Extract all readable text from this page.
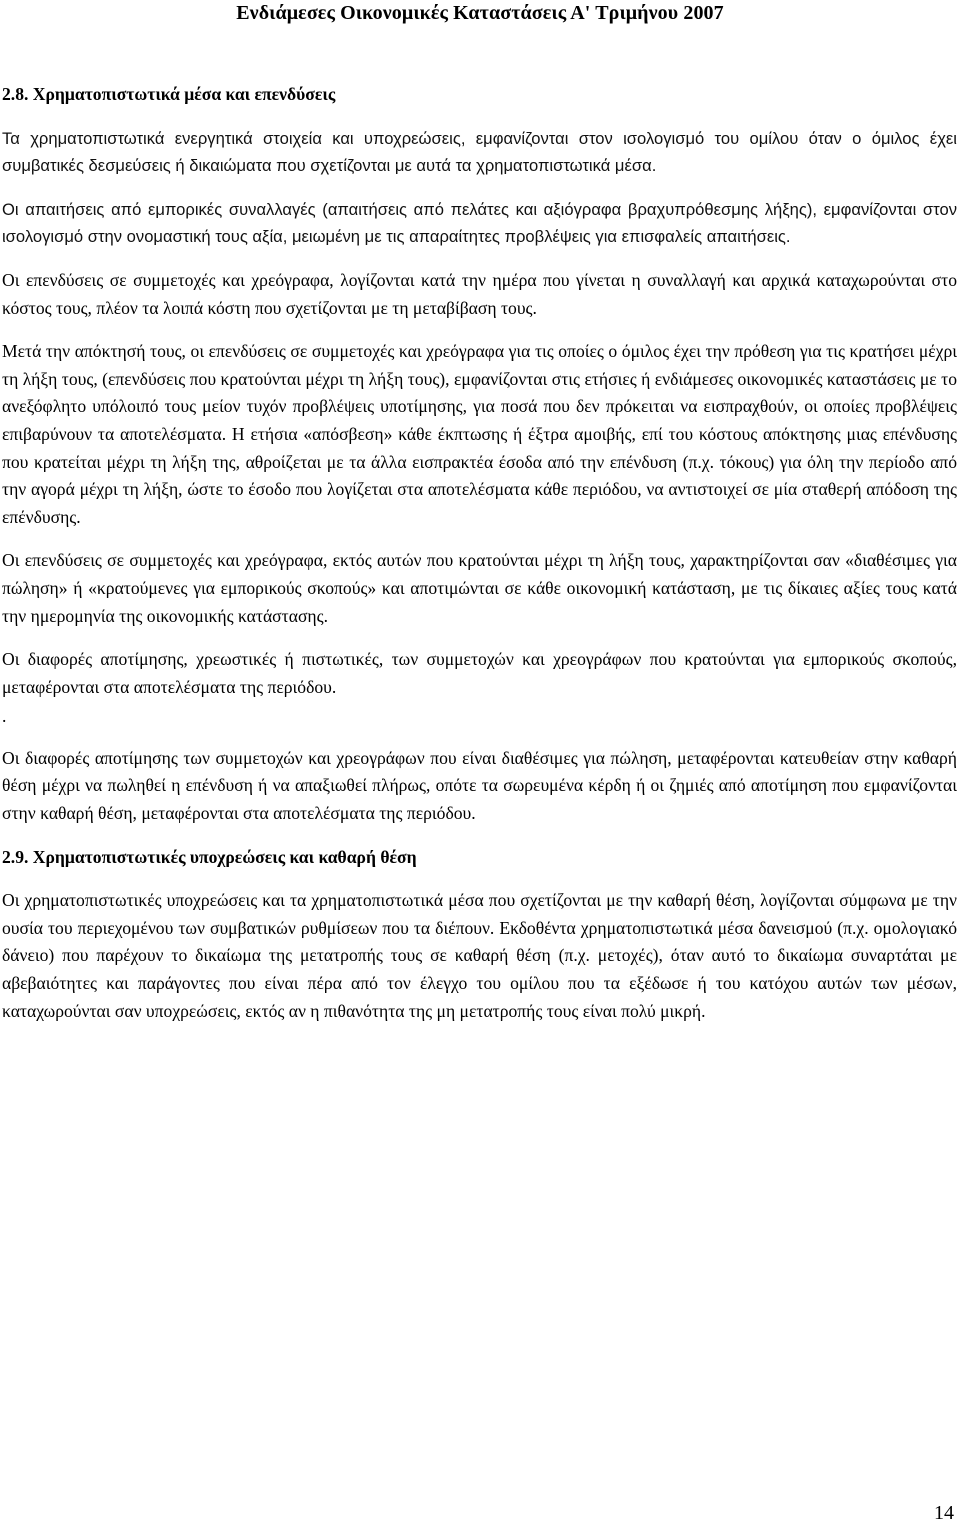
Ενδιάμεσες Οικονομικές Καταστάσεις Α' Τριμήνου 2007
2.8. Χρηματοπιστωτικά μέσα και επενδύσεις

Τα χρηματοπιστωτικά ενεργητικά στοιχεία και υποχρεώσεις, εμφανίζονται στον ισολογισμό του ομίλου όταν ο όμιλος έχει συμβατικές δεσμεύσεις ή δικαιώματα που σχετίζονται με αυτά τα χρηματοπιστωτικά μέσα.

Οι απαιτήσεις από εμπορικές συναλλαγές (απαιτήσεις από πελάτες και αξιόγραφα βραχυπρόθεσμης λήξης), εμφανίζονται στον ισολογισμό στην ονομαστική τους αξία, μειωμένη με τις απαραίτητες προβλέψεις για επισφαλείς απαιτήσεις.

Οι επενδύσεις σε συμμετοχές και χρεόγραφα, λογίζονται κατά την ημέρα που γίνεται η συναλλαγή και αρχικά καταχωρούνται στο κόστος τους, πλέον τα λοιπά κόστη που σχετίζονται με τη μεταβίβαση τους.

Μετά την απόκτησή τους, οι επενδύσεις σε συμμετοχές και χρεόγραφα για τις οποίες ο όμιλος έχει την πρόθεση για τις κρατήσει μέχρι τη λήξη τους, (επενδύσεις που κρατούνται μέχρι τη λήξη τους), εμφανίζονται στις ετήσιες ή ενδιάμεσες οικονομικές καταστάσεις με το ανεξόφλητο υπόλοιπό τους μείον τυχόν προβλέψεις υποτίμησης, για ποσά που δεν πρόκειται να εισπραχθούν, οι οποίες προβλέψεις επιβαρύνουν τα αποτελέσματα. Η ετήσια «απόσβεση» κάθε έκπτωσης ή έξτρα αμοιβής, επί του κόστους απόκτησης μιας επένδυσης που κρατείται μέχρι τη λήξη της, αθροίζεται με τα άλλα εισπρακτέα έσοδα από την επένδυση (π.χ. τόκους) για όλη την περίοδο από την αγορά μέχρι τη λήξη, ώστε το έσοδο που λογίζεται στα αποτελέσματα κάθε περιόδου, να αντιστοιχεί σε μία σταθερή απόδοση της επένδυσης.

Οι επενδύσεις σε συμμετοχές και χρεόγραφα, εκτός αυτών που κρατούνται μέχρι τη λήξη τους, χαρακτηρίζονται σαν «διαθέσιμες για πώληση» ή «κρατούμενες για εμπορικούς σκοπούς» και αποτιμώνται σε κάθε οικονομική κατάσταση, με τις δίκαιες αξίες τους κατά την ημερομηνία της οικονομικής κατάστασης.

Οι διαφορές αποτίμησης, χρεωστικές ή πιστωτικές, των συμμετοχών και χρεογράφων που κρατούνται για εμπορικούς σκοπούς, μεταφέρονται στα αποτελέσματα της περιόδου.

.

Οι διαφορές αποτίμησης των συμμετοχών και χρεογράφων που είναι διαθέσιμες για πώληση, μεταφέρονται κατευθείαν στην καθαρή θέση μέχρι να πωληθεί η επένδυση ή να απαξιωθεί πλήρως, οπότε τα σωρευμένα κέρδη ή οι ζημιές από αποτίμηση που εμφανίζονται στην καθαρή θέση, μεταφέρονται στα αποτελέσματα της περιόδου.

2.9. Χρηματοπιστωτικές υποχρεώσεις και καθαρή θέση

Οι χρηματοπιστωτικές υποχρεώσεις και τα χρηματοπιστωτικά μέσα που σχετίζονται με την καθαρή θέση, λογίζονται σύμφωνα με την ουσία του περιεχομένου των συμβατικών ρυθμίσεων που τα διέπουν. Εκδοθέντα χρηματοπιστωτικά μέσα δανεισμού (π.χ. ομολογιακό δάνειο) που παρέχουν το δικαίωμα της μετατροπής τους σε καθαρή θέση (π.χ. μετοχές), όταν αυτό το δικαίωμα συναρτάται με αβεβαιότητες και παράγοντες που είναι πέρα από τον έλεγχο του ομίλου που τα εξέδωσε ή του κατόχου αυτών των μέσων, καταχωρούνται σαν υποχρεώσεις, εκτός αν η πιθανότητα της μη μετατροπής τους είναι πολύ μικρή.

14
